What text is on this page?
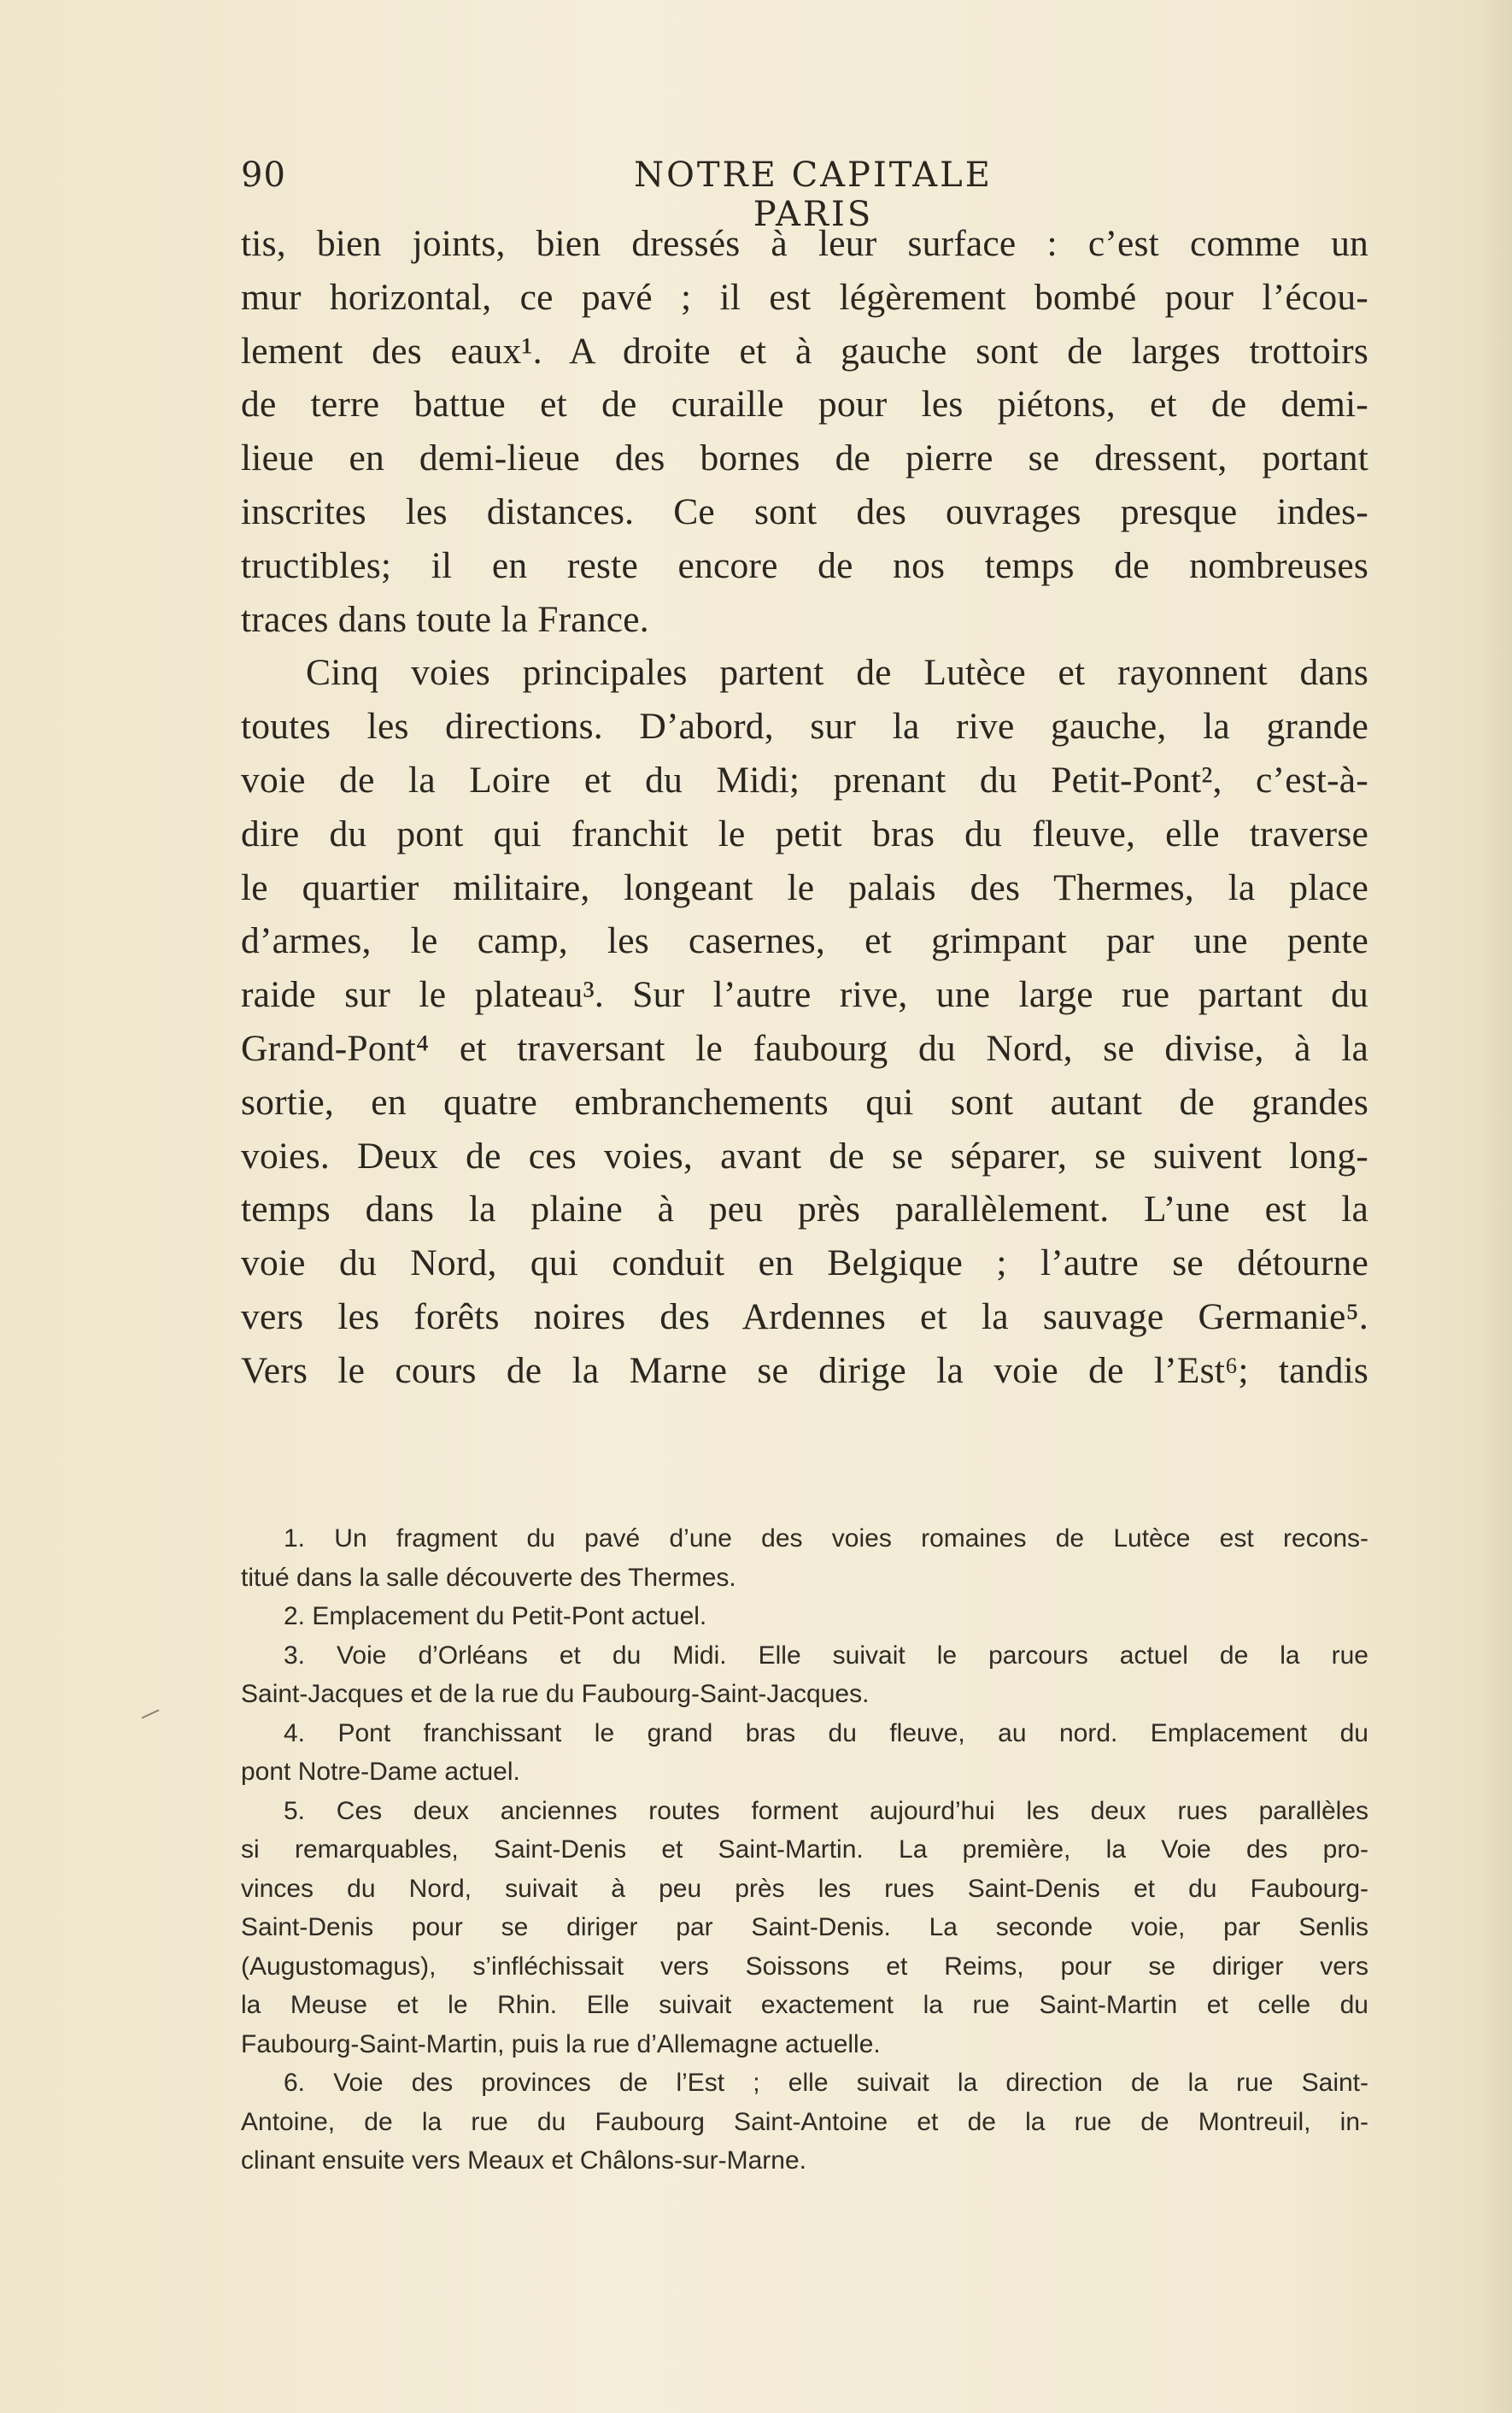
90	NOTRE CAPITALE PARIS
tis, bien joints, bien dressés à leur surface : c’est comme un
mur horizontal, ce pavé ; il est légèrement bombé pour l’écou-
lement des eaux¹. A droite et à gauche sont de larges trottoirs
de terre battue et de curaille pour les piétons, et de demi-
lieue en demi-lieue des bornes de pierre se dressent, portant
inscrites les distances. Ce sont des ouvrages presque indes-
tructibles; il en reste encore de nos temps de nombreuses
traces dans toute la France.
Cinq voies principales partent de Lutèce et rayonnent dans
toutes les directions. D’abord, sur la rive gauche, la grande
voie de la Loire et du Midi; prenant du Petit-Pont², c’est-à-
dire du pont qui franchit le petit bras du fleuve, elle traverse
le quartier militaire, longeant le palais des Thermes, la place
d’armes, le camp, les casernes, et grimpant par une pente
raide sur le plateau³. Sur l’autre rive, une large rue partant du
Grand-Pont⁴ et traversant le faubourg du Nord, se divise, à la
sortie, en quatre embranchements qui sont autant de grandes
voies. Deux de ces voies, avant de se séparer, se suivent long-
temps dans la plaine à peu près parallèlement. L’une est la
voie du Nord, qui conduit en Belgique ; l’autre se détourne
vers les forêts noires des Ardennes et la sauvage Germanie⁵.
Vers le cours de la Marne se dirige la voie de l’Est⁶; tandis
1. Un fragment du pavé d’une des voies romaines de Lutèce est recons-
titué dans la salle découverte des Thermes.
2. Emplacement du Petit-Pont actuel.
3. Voie d’Orléans et du Midi. Elle suivait le parcours actuel de la rue
Saint-Jacques et de la rue du Faubourg-Saint-Jacques.
4. Pont franchissant le grand bras du fleuve, au nord. Emplacement du
pont Notre-Dame actuel.
5. Ces deux anciennes routes forment aujourd’hui les deux rues parallèles
si remarquables, Saint-Denis et Saint-Martin. La première, la Voie des pro-
vinces du Nord, suivait à peu près les rues Saint-Denis et du Faubourg-
Saint-Denis pour se diriger par Saint-Denis. La seconde voie, par Senlis
(Augustomagus), s’infléchissait vers Soissons et Reims, pour se diriger vers
la Meuse et le Rhin. Elle suivait exactement la rue Saint-Martin et celle du
Faubourg-Saint-Martin, puis la rue d’Allemagne actuelle.
6. Voie des provinces de l’Est ; elle suivait la direction de la rue Saint-
Antoine, de la rue du Faubourg Saint-Antoine et de la rue de Montreuil, in-
clinant ensuite vers Meaux et Châlons-sur-Marne.
